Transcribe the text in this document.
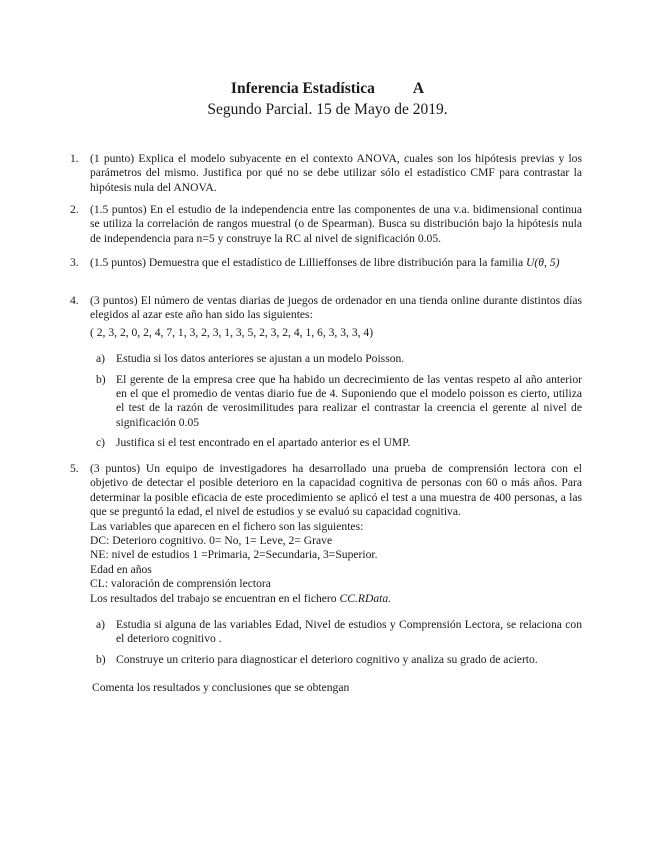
Inferencia Estadística A
Segundo Parcial. 15 de Mayo de 2019.
1. (1 punto) Explica el modelo subyacente en el contexto ANOVA, cuales son los hipótesis previas y los parámetros del mismo. Justifica por qué no se debe utilizar sólo el estadístico CMF para contrastar la hipótesis nula del ANOVA.
2. (1.5 puntos) En el estudio de la independencia entre las componentes de una v.a. bidimensional continua se utiliza la correlación de rangos muestral (o de Spearman). Busca su distribución bajo la hipótesis nula de independencia para n=5 y construye la RC al nivel de significación 0.05.
3. (1.5 puntos) Demuestra que el estadístico de Lillieffonses de libre distribución para la familia U(θ, 5)
4. (3 puntos) El número de ventas diarias de juegos de ordenador en una tienda online durante distintos días elegidos al azar este año han sido las siguientes:
( 2, 3, 2, 0, 2, 4, 7, 1, 3, 2, 3, 1, 3, 5, 2, 3, 2, 4, 1, 6, 3, 3, 3, 4)
a) Estudia si los datos anteriores se ajustan a un modelo Poisson.
b) El gerente de la empresa cree que ha habido un decrecimiento de las ventas respeto al año anterior en el que el promedio de ventas diario fue de 4. Suponiendo que el modelo poisson es cierto, utiliza el test de la razón de verosimilitudes para realizar el contrastar la creencia el gerente al nivel de significación 0.05
c) Justifica si el test encontrado en el apartado anterior es el UMP.
5. (3 puntos) Un equipo de investigadores ha desarrollado una prueba de comprensión lectora con el objetivo de detectar el posible deterioro en la capacidad cognitiva de personas con 60 o más años. Para determinar la posible eficacia de este procedimiento se aplicó el test a una muestra de 400 personas, a las que se preguntó la edad, el nivel de estudios y se evaluó su capacidad cognitiva.
Las variables que aparecen en el fichero son las siguientes:
DC: Deterioro cognitivo. 0= No, 1= Leve, 2= Grave
NE: nivel de estudios 1 =Primaria, 2=Secundaria, 3=Superior.
Edad en años
CL: valoración de comprensión lectora
Los resultados del trabajo se encuentran en el fichero CC.RData.
a) Estudia si alguna de las variables Edad, Nivel de estudios y Comprensión Lectora, se relaciona con el deterioro cognitivo .
b) Construye un criterio para diagnosticar el deterioro cognitivo y analiza su grado de acierto.
Comenta los resultados y conclusiones que se obtengan
